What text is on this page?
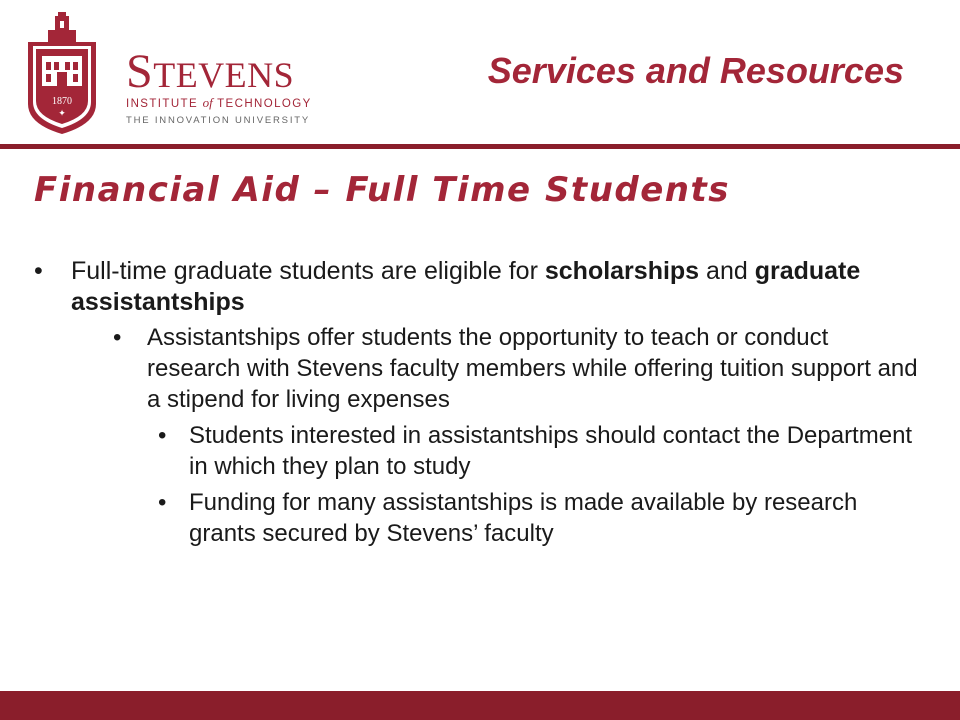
1870
✦
STEVENS
INSTITUTE of TECHNOLOGY
THE INNOVATION UNIVERSITY
Services and Resources
Financial Aid – Full Time Students
• Full-time graduate students are eligible for scholarships and graduate assistantships
• Assistantships offer students the opportunity to teach or conduct research with Stevens faculty members while offering tuition support and a stipend for living expenses
• Students interested in assistantships should contact the Department in which they plan to study
• Funding for many assistantships is made available by research grants secured by Stevens’ faculty
